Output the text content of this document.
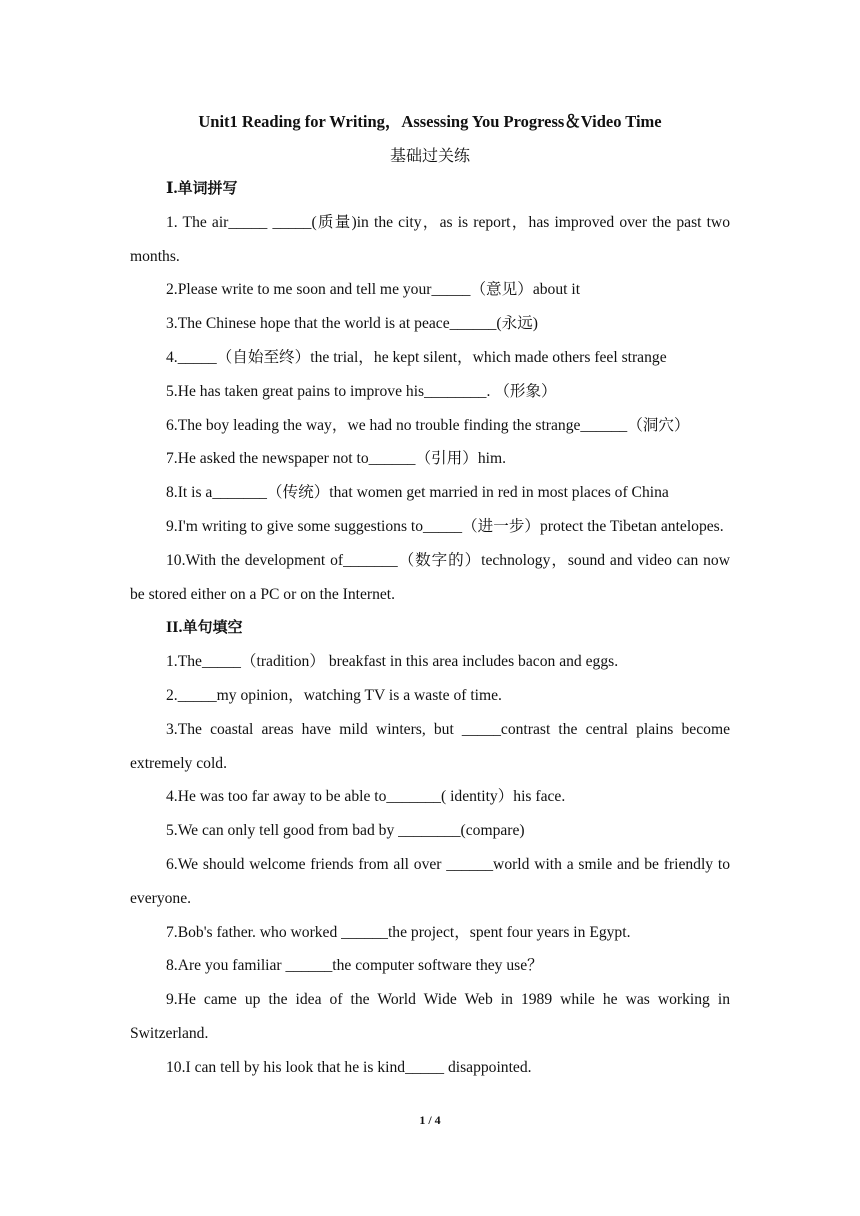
Unit1 Reading for Writing，Assessing You Progress＆Video Time
基础过关练
Ⅰ.单词拼写

1. The air_____ _____(质量)in the city，as is report，has improved over the past two months.

2.Please write to me soon and tell me your_____（意见）about it

3.The Chinese hope that the world is at peace______(永远)

4._____（自始至终）the trial，he kept silent，which made others feel strange

5.He has taken great pains to improve his________. （形象）

6.The boy leading the way，we had no trouble finding the strange______（洞穴）

7.He asked the newspaper not to______（引用）him.

8.It is a_______（传统）that women get married in red in most places of China

9.I'm writing to give some suggestions to_____（进一步）protect the Tibetan antelopes.

10.With the development of_______（数字的）technology，sound and video can now be stored either on a PC or on the Internet.

II.单句填空

1.The_____（tradition） breakfast in this area includes bacon and eggs.

2._____my opinion，watching TV is a waste of time.

3.The coastal areas have mild winters, but _____contrast the central plains become extremely cold.

4.He was too far away to be able to_______( identity）his face.

5.We can only tell good from bad by ________(compare)

6.We should welcome friends from all over ______world with a smile and be friendly to everyone.

7.Bob's father. who worked ______the project，spent four years in Egypt.

8.Are you familiar ______the computer software they use？

9.He came up the idea of the World Wide Web in 1989 while he was working in Switzerland.

10.I can tell by his look that he is kind_____ disappointed.

1 / 4
